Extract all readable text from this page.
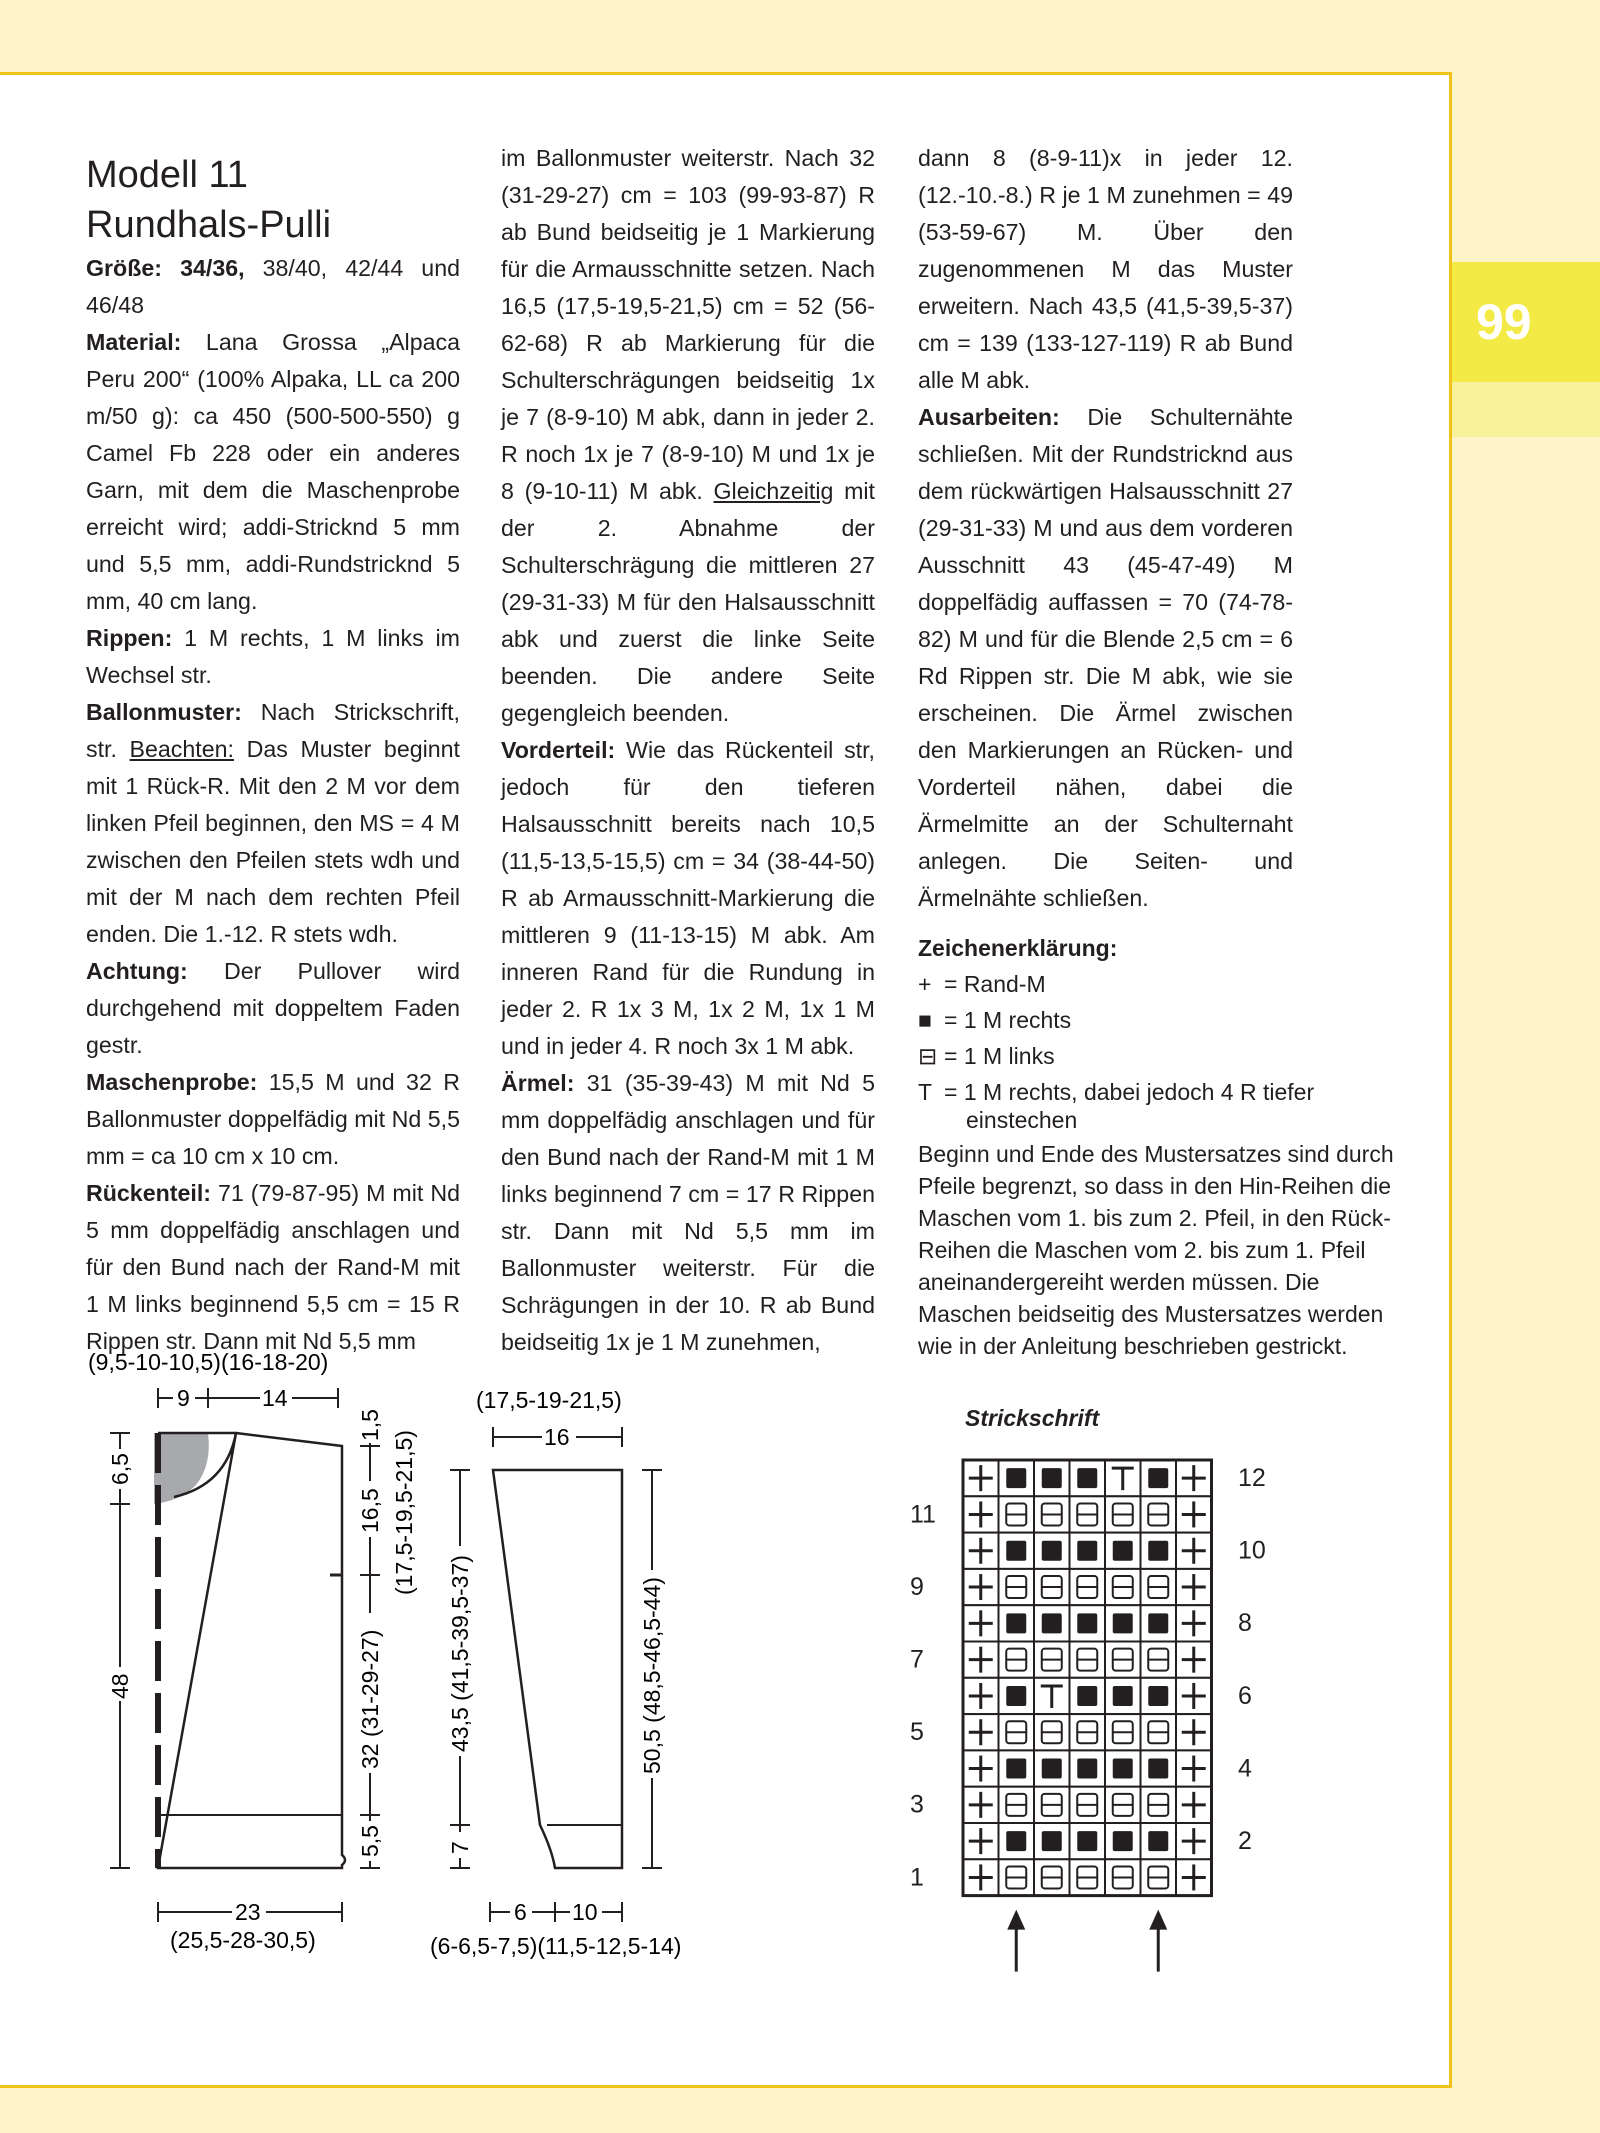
99

Modell 11
Rundhals-Pulli

Größe: 34/36, 38/40, 42/44 und 46/48

Material: Lana Grossa „Alpaca Peru 200“ (100% Alpaka, LL ca 200 m/50 g): ca 450 (500-500-550) g Camel Fb 228 oder ein anderes Garn, mit dem die Maschenprobe erreicht wird; addi-Stricknd 5 mm und 5,5 mm, addi-Rundstricknd 5 mm, 40 cm lang.

Rippen: 1 M rechts, 1 M links im Wechsel str.

Ballonmuster: Nach Strickschrift, str. Beachten: Das Muster beginnt mit 1 Rück-R. Mit den 2 M vor dem linken Pfeil beginnen, den MS = 4 M zwischen den Pfeilen stets wdh und mit der M nach dem rechten Pfeil enden. Die 1.-12. R stets wdh.

Achtung: Der Pullover wird durchgehend mit doppeltem Faden gestr.

Maschenprobe: 15,5 M und 32 R Ballonmuster doppelfädig mit Nd 5,5 mm = ca 10 cm x 10 cm.

Rückenteil: 71 (79-87-95) M mit Nd 5 mm doppelfädig anschlagen und für den Bund nach der Rand-M mit 1 M links beginnend 5,5 cm = 15 R Rippen str. Dann mit Nd 5,5 mm

im Ballonmuster weiterstr. Nach 32 (31-29-27) cm = 103 (99-93-87) R ab Bund beidseitig je 1 Markierung für die Armausschnitte setzen. Nach 16,5 (17,5-19,5-21,5) cm = 52 (56-62-68) R ab Markierung für die Schulterschrägungen beidseitig 1x je 7 (8-9-10) M abk, dann in jeder 2. R noch 1x je 7 (8-9-10) M und 1x je 8 (9-10-11) M abk. Gleichzeitig mit der 2. Abnahme der Schulterschrägung die mittleren 27 (29-31-33) M für den Halsausschnitt abk und zuerst die linke Seite beenden. Die andere Seite gegengleich beenden.

Vorderteil: Wie das Rückenteil str, jedoch für den tieferen Halsausschnitt bereits nach 10,5 (11,5-13,5-15,5) cm = 34 (38-44-50) R ab Armausschnitt-Markierung die mittleren 9 (11-13-15) M abk. Am inneren Rand für die Rundung in jeder 2. R 1x 3 M, 1x 2 M, 1x 1 M und in jeder 4. R noch 3x 1 M abk.

Ärmel: 31 (35-39-43) M mit Nd 5 mm doppelfädig anschlagen und für den Bund nach der Rand-M mit 1 M links beginnend 7 cm = 17 R Rippen str. Dann mit Nd 5,5 mm im Ballonmuster weiterstr. Für die Schrägungen in der 10. R ab Bund beidseitig 1x je 1 M zunehmen,

dann 8 (8-9-11)x in jeder 12. (12.-10.-8.) R je 1 M zunehmen = 49 (53-59-67) M. Über den zugenommenen M das Muster erweitern. Nach 43,5 (41,5-39,5-37) cm = 139 (133-127-119) R ab Bund alle M abk.

Ausarbeiten: Die Schulternähte schließen. Mit der Rundstricknd aus dem rückwärtigen Halsausschnitt 27 (29-31-33) M und aus dem vorderen Ausschnitt 43 (45-47-49) M doppelfädig auffassen = 70 (74-78-82) M und für die Blende 2,5 cm = 6 Rd Rippen str. Die M abk, wie sie erscheinen. Die Ärmel zwischen den Markierungen an Rücken- und Vorderteil nähen, dabei die Ärmelmitte an der Schulternaht anlegen. Die Seiten- und Ärmelnähte schließen.

Zeichenerklärung:
+ = Rand-M
■ = 1 M rechts
⊟ = 1 M links
T = 1 M rechts, dabei jedoch 4 R tiefer
einstechen
Beginn und Ende des Mustersatzes sind durch Pfeile begrenzt, so dass in den Hin-Reihen die Maschen vom 1. bis zum 2. Pfeil, in den Rück-Reihen die Maschen vom 2. bis zum 1. Pfeil aneinandergereiht werden müssen. Die Maschen beidseitig des Mustersatzes werden wie in der Anleitung beschrieben gestrickt.
Strickschrift
12
11
10
9
8
7
6
5
4
3
2
1
(9,5-10-10,5)(16-18-20)
9	14
6,5
48
1,5
16,5 (17,5-19,5-21,5)
32 (31-29-27)
5,5
23
(25,5-28-30,5)
(17,5-19-21,5)
16
43,5 (41,5-39,5-37)
7
50,5 (48,5-46,5-44)
6 10
(6-6,5-7,5)(11,5-12,5-14)
